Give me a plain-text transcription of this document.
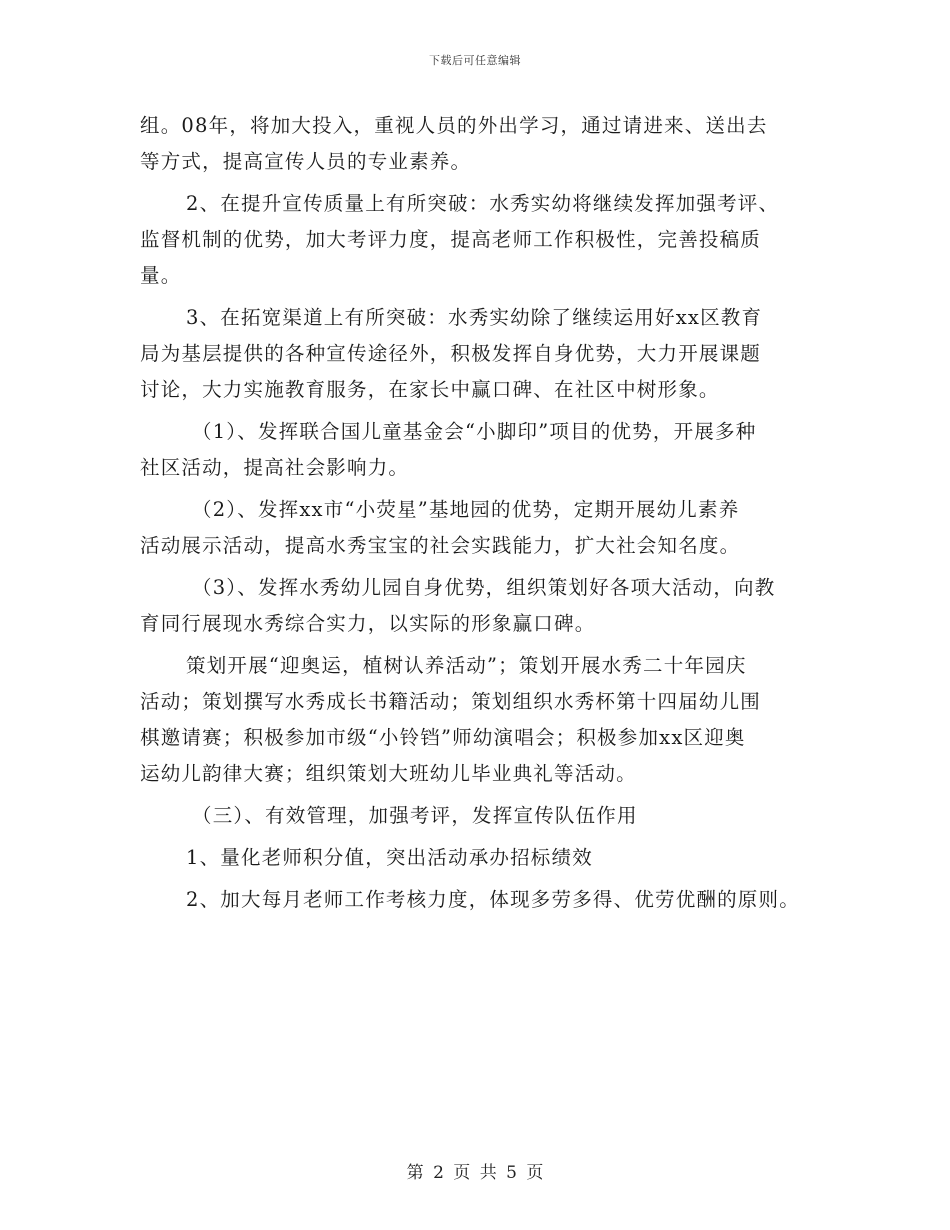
下载后可任意编辑
组。08年，将加大投入，重视人员的外出学习，通过请进来、送出去
等方式，提高宣传人员的专业素养。
2、在提升宣传质量上有所突破：水秀实幼将继续发挥加强考评、
监督机制的优势，加大考评力度，提高老师工作积极性，完善投稿质
量。
3、在拓宽渠道上有所突破：水秀实幼除了继续运用好xx区教育
局为基层提供的各种宣传途径外，积极发挥自身优势，大力开展课题
讨论，大力实施教育服务，在家长中赢口碑、在社区中树形象。
（1）、发挥联合国儿童基金会“小脚印”项目的优势，开展多种
社区活动，提高社会影响力。
（2）、发挥xx市“小荧星”基地园的优势，定期开展幼儿素养
活动展示活动，提高水秀宝宝的社会实践能力，扩大社会知名度。
（3）、发挥水秀幼儿园自身优势，组织策划好各项大活动，向教
育同行展现水秀综合实力，以实际的形象赢口碑。
策划开展“迎奥运，植树认养活动”；策划开展水秀二十年园庆
活动；策划撰写水秀成长书籍活动；策划组织水秀杯第十四届幼儿围
棋邀请赛；积极参加市级“小铃铛”师幼演唱会；积极参加xx区迎奥
运幼儿韵律大赛；组织策划大班幼儿毕业典礼等活动。
（三）、有效管理，加强考评，发挥宣传队伍作用
1、量化老师积分值，突出活动承办招标绩效
2、加大每月老师工作考核力度，体现多劳多得、优劳优酬的原则。
第 2 页 共 5 页
